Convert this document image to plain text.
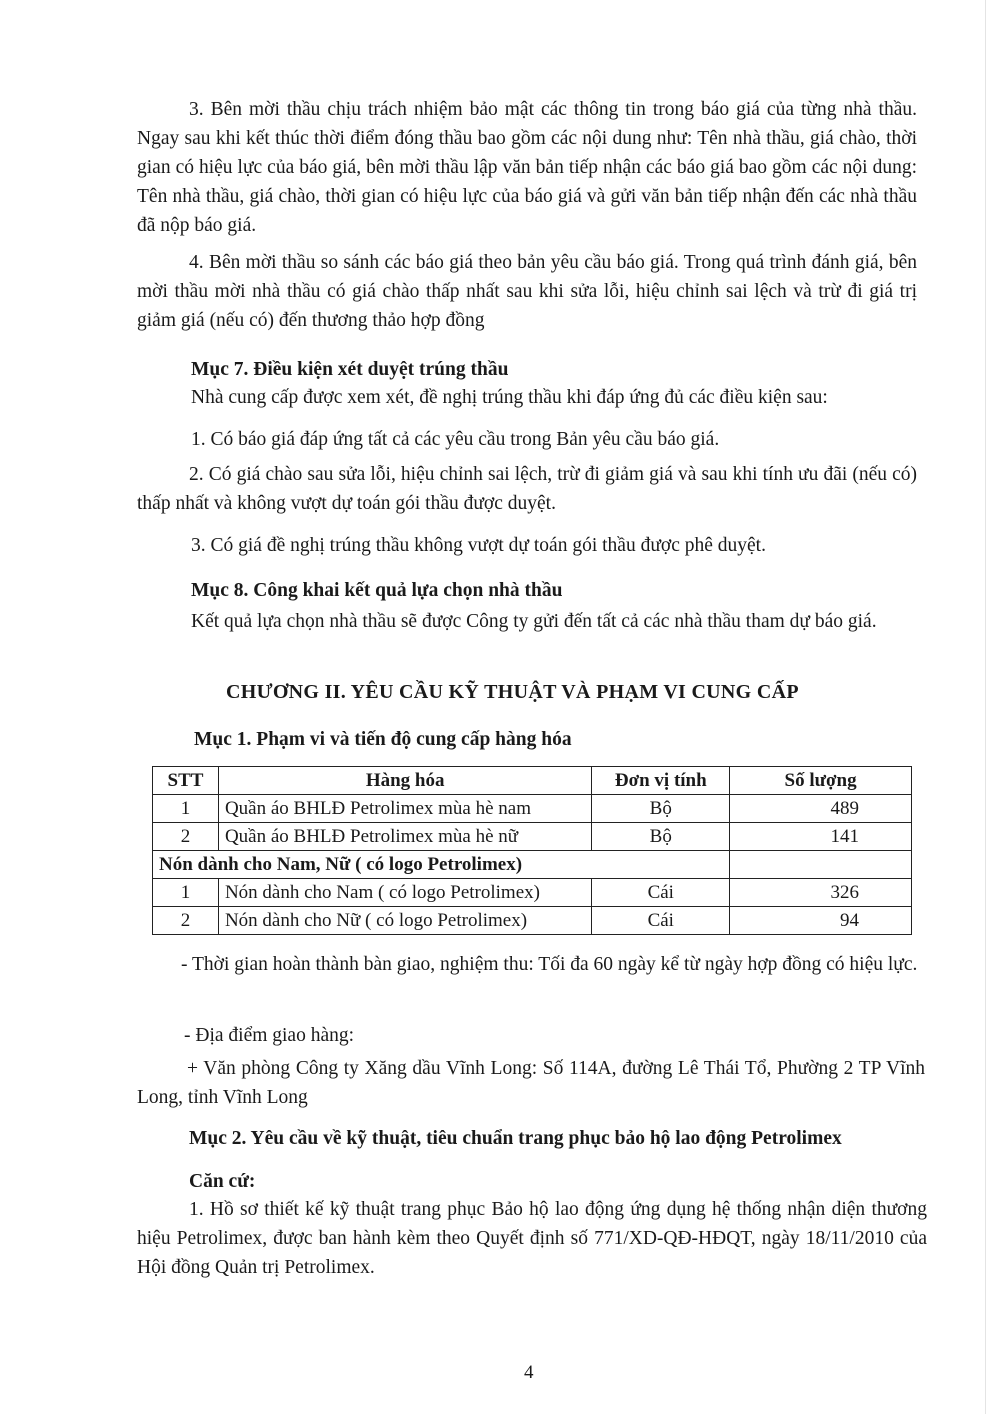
3. Bên mời thầu chịu trách nhiệm bảo mật các thông tin trong báo giá của từng nhà thầu. Ngay sau khi kết thúc thời điểm đóng thầu bao gồm các nội dung như: Tên nhà thầu, giá chào, thời gian có hiệu lực của báo giá, bên mời thầu lập văn bản tiếp nhận các báo giá bao gồm các nội dung: Tên nhà thầu, giá chào, thời gian có hiệu lực của báo giá và gửi văn bản tiếp nhận đến các nhà thầu đã nộp báo giá.

4. Bên mời thầu so sánh các báo giá theo bản yêu cầu báo giá. Trong quá trình đánh giá, bên mời thầu mời nhà thầu có giá chào thấp nhất sau khi sửa lỗi, hiệu chỉnh sai lệch và trừ đi giá trị giảm giá (nếu có) đến thương thảo hợp đồng

Mục 7. Điều kiện xét duyệt trúng thầu

Nhà cung cấp được xem xét, đề nghị trúng thầu khi đáp ứng đủ các điều kiện sau:

1. Có báo giá đáp ứng tất cả các yêu cầu trong Bản yêu cầu báo giá.

2. Có giá chào sau sửa lỗi, hiệu chỉnh sai lệch, trừ đi giảm giá và sau khi tính ưu đãi (nếu có) thấp nhất và không vượt dự toán gói thầu được duyệt.

3. Có giá đề nghị trúng thầu không vượt dự toán gói thầu được phê duyệt.

Mục 8. Công khai kết quả lựa chọn nhà thầu

Kết quả lựa chọn nhà thầu sẽ được Công ty gửi đến tất cả các nhà thầu tham dự báo giá.

CHƯƠNG II. YÊU CẦU KỸ THUẬT VÀ PHẠM VI CUNG CẤP

Mục 1. Phạm vi và tiến độ cung cấp hàng hóa

STT	Hàng hóa	Đơn vị tính	Số lượng
1	Quần áo BHLĐ Petrolimex mùa hè nam	Bộ	489
2	Quần áo BHLĐ Petrolimex mùa hè nữ	Bộ	141
Nón dành cho Nam, Nữ ( có logo Petrolimex)			
1	Nón dành cho Nam ( có logo Petrolimex)	Cái	326
2	Nón dành cho Nữ ( có logo Petrolimex)	Cái	94

- Thời gian hoàn thành bàn giao, nghiệm thu: Tối đa 60 ngày kể từ ngày hợp đồng có hiệu lực.

- Địa điểm giao hàng:

+ Văn phòng Công ty Xăng dầu Vĩnh Long: Số 114A, đường Lê Thái Tổ, Phường 2 TP Vĩnh Long, tỉnh Vĩnh Long

Mục 2. Yêu cầu về kỹ thuật, tiêu chuẩn trang phục bảo hộ lao động Petrolimex

Căn cứ:

1. Hồ sơ thiết kế kỹ thuật trang phục Bảo hộ lao động ứng dụng hệ thống nhận diện thương hiệu Petrolimex, được ban hành kèm theo Quyết định số 771/XD-QĐ-HĐQT, ngày 18/11/2010 của Hội đồng Quản trị Petrolimex.

4
